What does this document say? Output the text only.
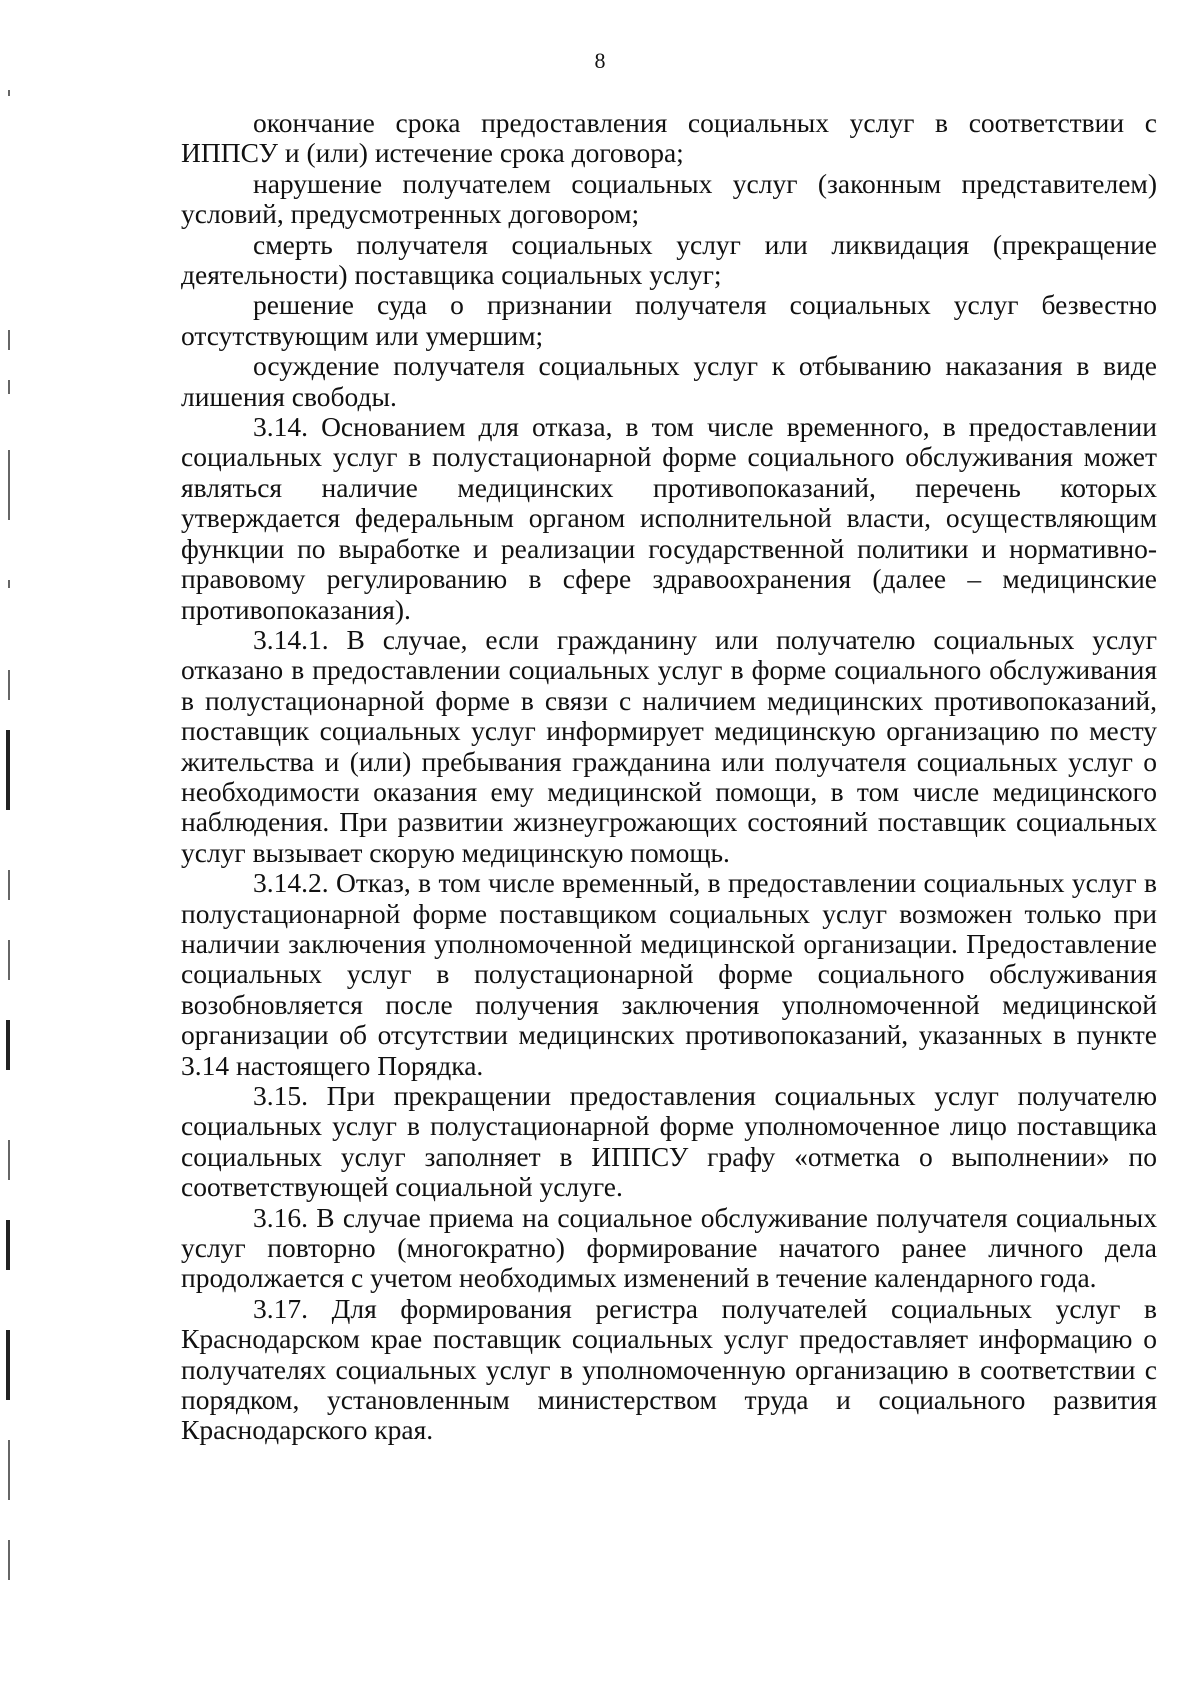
8

окончание срока предоставления социальных услуг в соответствии с ИППСУ и (или) истечение срока договора;

нарушение получателем социальных услуг (законным представителем) условий, предусмотренных договором;

смерть получателя социальных услуг или ликвидация (прекращение деятельности) поставщика социальных услуг;

решение суда о признании получателя социальных услуг безвестно отсутствующим или умершим;

осуждение получателя социальных услуг к отбыванию наказания в виде лишения свободы.

3.14. Основанием для отказа, в том числе временного, в предоставлении социальных услуг в полустационарной форме социального обслуживания может являться наличие медицинских противопоказаний, перечень которых утверждается федеральным органом исполнительной власти, осуществляющим функции по выработке и реализации государственной политики и нормативно-правовому регулированию в сфере здравоохранения (далее – медицинские противопоказания).

3.14.1. В случае, если гражданину или получателю социальных услуг отказано в предоставлении социальных услуг в форме социального обслуживания в полустационарной форме в связи с наличием медицинских противопоказаний, поставщик социальных услуг информирует медицинскую организацию по месту жительства и (или) пребывания гражданина или получателя социальных услуг о необходимости оказания ему медицинской помощи, в том числе медицинского наблюдения. При развитии жизнеугрожающих состояний поставщик социальных услуг вызывает скорую медицинскую помощь.

3.14.2. Отказ, в том числе временный, в предоставлении социальных услуг в полустационарной форме поставщиком социальных услуг возможен только при наличии заключения уполномоченной медицинской организации. Предоставление социальных услуг в полустационарной форме социального обслуживания возобновляется после получения заключения уполномоченной медицинской организации об отсутствии медицинских противопоказаний, указанных в пункте 3.14 настоящего Порядка.

3.15. При прекращении предоставления социальных услуг получателю социальных услуг в полустационарной форме уполномоченное лицо поставщика социальных услуг заполняет в ИППСУ графу «отметка о выполнении» по соответствующей социальной услуге.

3.16. В случае приема на социальное обслуживание получателя социальных услуг повторно (многократно) формирование начатого ранее личного дела продолжается с учетом необходимых изменений в течение календарного года.

3.17. Для формирования регистра получателей социальных услуг в Краснодарском крае поставщик социальных услуг предоставляет информацию о получателях социальных услуг в уполномоченную организацию в соответствии с порядком, установленным министерством труда и социального развития Краснодарского края.
